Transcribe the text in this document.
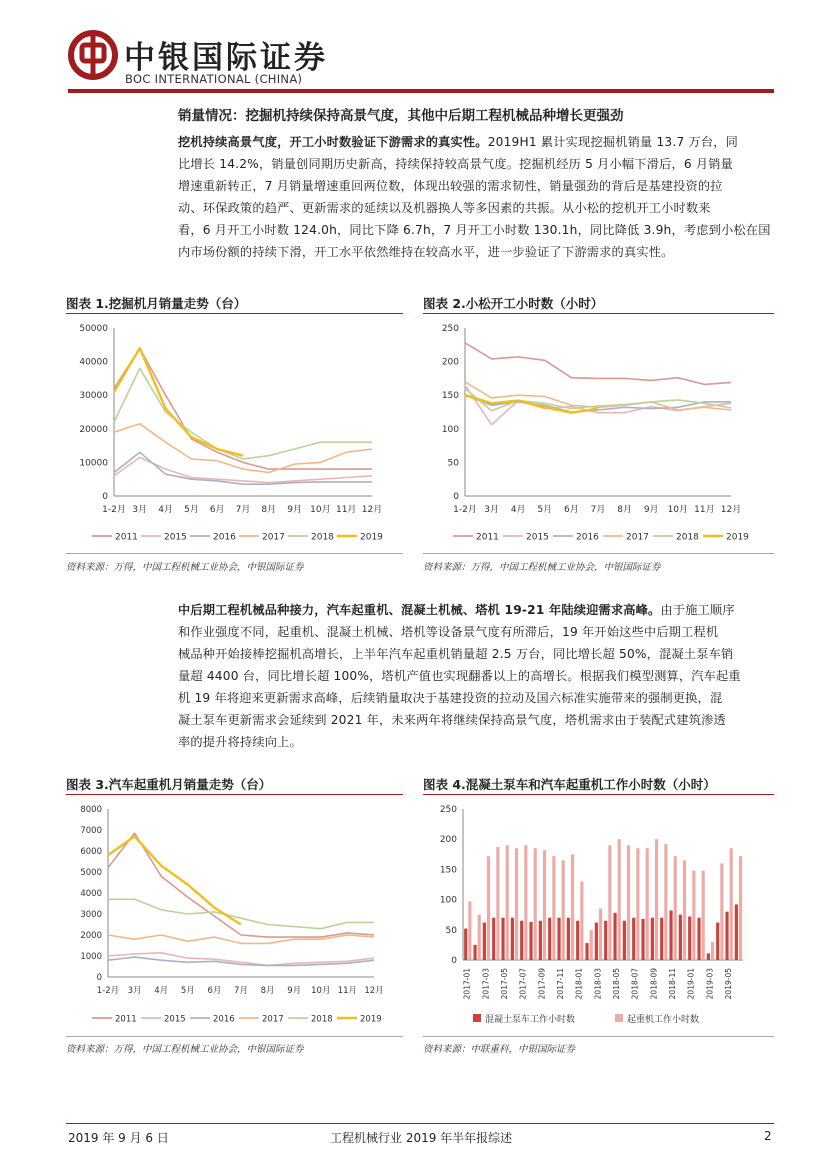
中银国际证券
BOC INTERNATIONAL (CHINA)
销量情况：挖掘机持续保持高景气度，其他中后期工程机械品种增长更强劲
挖机持续高景气度，开工小时数验证下游需求的真实性。2019H1 累计实现挖掘机销量 13.7 万台，同
比增长 14.2%，销量创同期历史新高，持续保持较高景气度。挖掘机经历 5 月小幅下滑后，6 月销量
增速重新转正，7 月销量增速重回两位数，体现出较强的需求韧性，销量强劲的背后是基建投资的拉
动、环保政策的趋严、更新需求的延续以及机器换人等多因素的共振。从小松的挖机开工小时数来
看，6 月开工小时数 124.0h，同比下降 6.7h，7 月开工小时数 130.1h，同比降低 3.9h，考虑到小松在国
内市场份额的持续下滑，开工水平依然维持在较高水平，进一步验证了下游需求的真实性。
图表 1.挖掘机月销量走势（台）	图表 2.小松开工小时数（小时）
0
10000
20000
30000
40000
50000
1-2月 3月 4月 5月 6月 7月 8月 9月 10月 11月 12月
2011	2015	2016	2017	2018	2019
0
50
100
150
200
250
1-2月 3月 4月 5月 6月 7月 8月 9月 10月 11月 12月
2011	2015	2016	2017	2018	2019
资料来源：万得，中国工程机械工业协会，中银国际证券	资料来源：万得，中国工程机械工业协会，中银国际证券
中后期工程机械品种接力，汽车起重机、混凝土机械、塔机 19-21 年陆续迎需求高峰。由于施工顺序
和作业强度不同，起重机、混凝土机械、塔机等设备景气度有所滞后，19 年开始这些中后期工程机
械品种开始接棒挖掘机高增长，上半年汽车起重机销量超 2.5 万台，同比增长超 50%，混凝土泵车销
量超 4400 台，同比增长超 100%，塔机产值也实现翻番以上的高增长。根据我们模型测算，汽车起重
机 19 年将迎来更新需求高峰，后续销量取决于基建投资的拉动及国六标准实施带来的强制更换，混
凝土泵车更新需求会延续到 2021 年，未来两年将继续保持高景气度，塔机需求由于装配式建筑渗透
率的提升将持续向上。
图表 3.汽车起重机月销量走势（台）	图表 4.混凝土泵车和汽车起重机工作小时数（小时）
0
1000
2000
3000
4000
5000
6000
7000
8000
1-2月 3月 4月 5月 6月 7月 8月 9月 10月 11月 12月
2011	2015	2016	2017	2018	2019
0
50
100
150
200
250
2017-01 2017-03 2017-05 2017-07 2017-09 2017-11 2018-01 2018-03 2018-05 2018-07 2018-09 2018-11 2019-01 2019-03 2019-05
混凝土泵车工作小时数	起重机工作小时数
资料来源：万得，中国工程机械工业协会，中银国际证券	资料来源：中联重科，中银国际证券
2019 年 9 月 6 日	工程机械行业 2019 年半年报综述	2
